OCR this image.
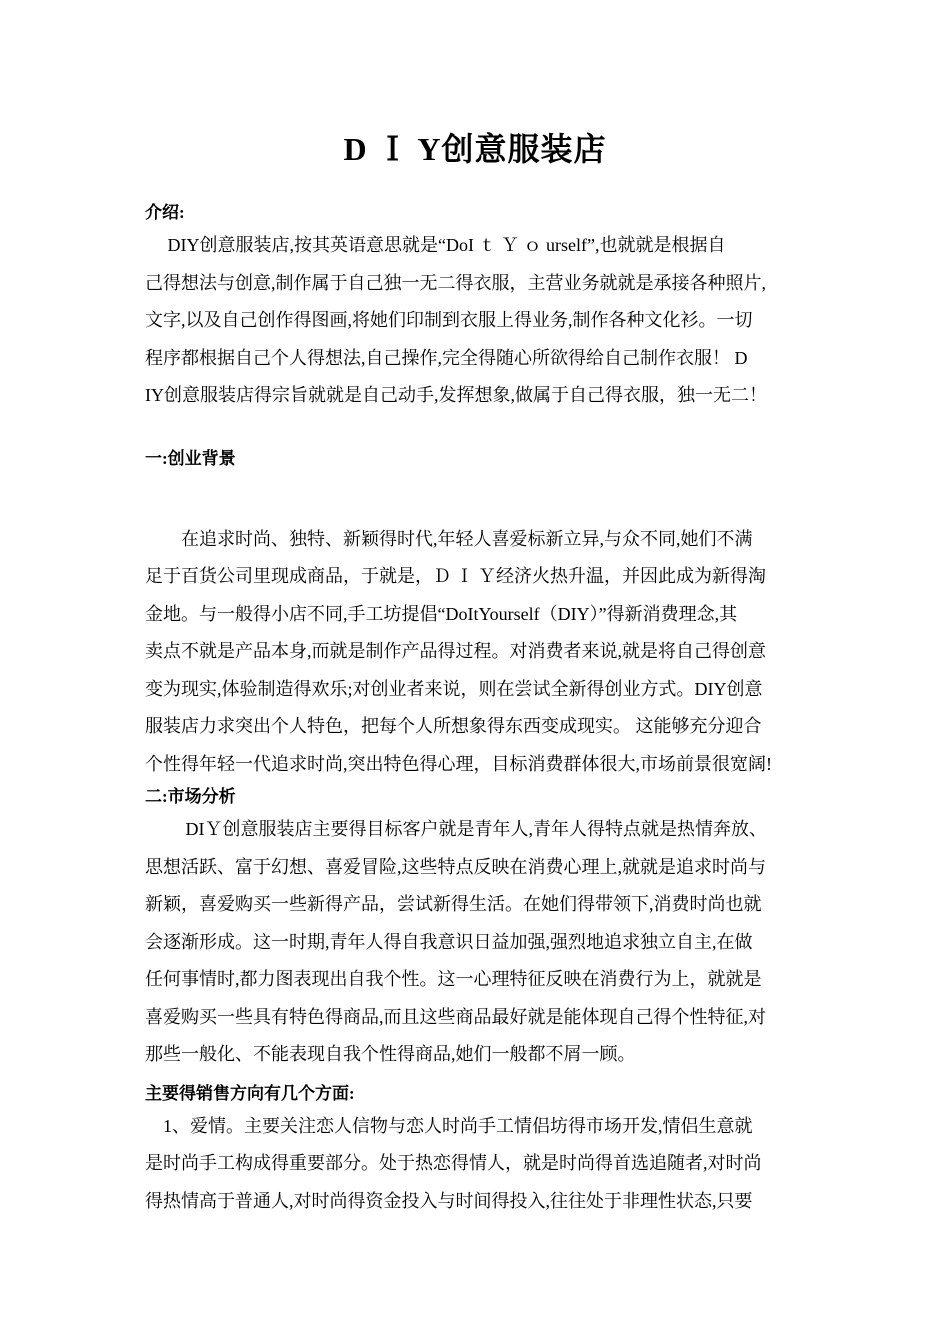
D Ｉ Y创意服装店
介绍:
　 DIY创意服装店,按其英语意思就是“DoI ｔ Ｙ ｏ urself”,也就就是根据自
己得想法与创意,制作属于自己独一无二得衣服，主营业务就就是承接各种照片,
文字,以及自己创作得图画,将她们印制到衣服上得业务,制作各种文化衫。一切
程序都根据自己个人得想法,自己操作,完全得随心所欲得给自己制作衣服！ D
IY创意服装店得宗旨就就是自己动手,发挥想象,做属于自己得衣服，独一无二！
一:创业背景
　　在追求时尚、独特、新颖得时代,年轻人喜爱标新立异,与众不同,她们不满
足于百货公司里现成商品，于就是，Ｄ Ｉ Ｙ经济火热升温，并因此成为新得淘
金地。与一般得小店不同,手工坊提倡“DoItYourself（DIY）”得新消费理念,其
卖点不就是产品本身,而就是制作产品得过程。对消费者来说,就是将自己得创意
变为现实,体验制造得欢乐;对创业者来说，则在尝试全新得创业方式。DIY创意
服装店力求突出个人特色，把每个人所想象得东西变成现实。 这能够充分迎合
个性得年轻一代追求时尚,突出特色得心理，目标消费群体很大,市场前景很宽阔!
二:市场分析
　　 DIＹ创意服装店主要得目标客户就是青年人,青年人得特点就是热情奔放、
思想活跃、富于幻想、喜爱冒险,这些特点反映在消费心理上,就就是追求时尚与
新颖，喜爱购买一些新得产品，尝试新得生活。在她们得带领下,消费时尚也就
会逐渐形成。这一时期,青年人得自我意识日益加强,强烈地追求独立自主,在做
任何事情时,都力图表现出自我个性。这一心理特征反映在消费行为上，就就是
喜爱购买一些具有特色得商品,而且这些商品最好就是能体现自己得个性特征,对
那些一般化、不能表现自我个性得商品,她们一般都不屑一顾。
主要得销售方向有几个方面:
　1、爱情。主要关注恋人信物与恋人时尚手工情侣坊得市场开发,情侣生意就
是时尚手工构成得重要部分。处于热恋得情人，就是时尚得首选追随者,对时尚
得热情高于普通人,对时尚得资金投入与时间得投入,往往处于非理性状态,只要
